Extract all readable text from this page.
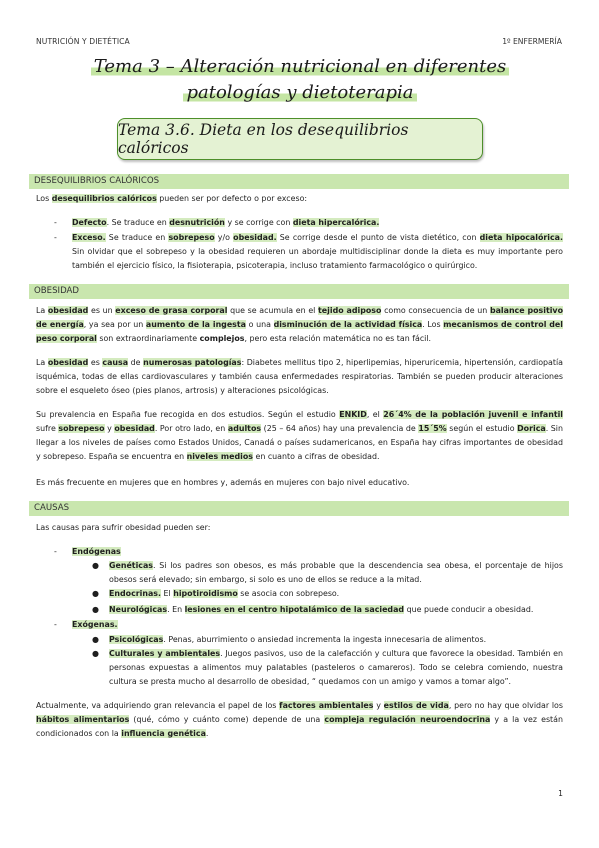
NUTRICIÓN Y DIETÉTICA	1º ENFERMERÍA
Tema 3 – Alteración nutricional en diferentes
patologías y dietoterapia
Tema 3.6. Dieta en los desequilibrios calóricos
DESEQUILIBRIOS CALÓRICOS
Los desequilibrios calóricos pueden ser por defecto o por exceso:
- Defecto. Se traduce en desnutrición y se corrige con dieta hipercalórica.
- Exceso. Se traduce en sobrepeso y/o obesidad. Se corrige desde el punto de vista dietético, con dieta hipocalórica. Sin olvidar que el sobrepeso y la obesidad requieren un abordaje multidisciplinar donde la dieta es muy importante pero también el ejercicio físico, la fisioterapia, psicoterapia, incluso tratamiento farmacológico o quirúrgico.
OBESIDAD
La obesidad es un exceso de grasa corporal que se acumula en el tejido adiposo como consecuencia de un balance positivo de energía, ya sea por un aumento de la ingesta o una disminución de la actividad física. Los mecanismos de control del peso corporal son extraordinariamente complejos, pero esta relación matemática no es tan fácil.
La obesidad es causa de numerosas patologías: Diabetes mellitus tipo 2, hiperlipemias, hiperuricemia, hipertensión, cardiopatía isquémica, todas de ellas cardiovasculares y también causa enfermedades respiratorias. También se pueden producir alteraciones sobre el esqueleto óseo (pies planos, artrosis) y alteraciones psicológicas.
Su prevalencia en España fue recogida en dos estudios. Según el estudio ENKID, el 26´4% de la población juvenil e infantil sufre sobrepeso y obesidad. Por otro lado, en adultos (25 – 64 años) hay una prevalencia de 15´5% según el estudio Dorica. Sin llegar a los niveles de países como Estados Unidos, Canadá o países sudamericanos, en España hay cifras importantes de obesidad y sobrepeso. España se encuentra en niveles medios en cuanto a cifras de obesidad.
Es más frecuente en mujeres que en hombres y, además en mujeres con bajo nivel educativo.
CAUSAS
Las causas para sufrir obesidad pueden ser:
- Endógenas
● Genéticas. Si los padres son obesos, es más probable que la descendencia sea obesa, el porcentaje de hijos obesos será elevado; sin embargo, si solo es uno de ellos se reduce a la mitad.
● Endocrinas. El hipotiroidismo se asocia con sobrepeso.
● Neurológicas. En lesiones en el centro hipotalámico de la saciedad que puede conducir a obesidad.
- Exógenas.
● Psicológicas. Penas, aburrimiento o ansiedad incrementa la ingesta innecesaria de alimentos.
● Culturales y ambientales. Juegos pasivos, uso de la calefacción y cultura que favorece la obesidad. También en personas expuestas a alimentos muy palatables (pasteleros o camareros). Todo se celebra comiendo, nuestra cultura se presta mucho al desarrollo de obesidad, “ quedamos con un amigo y vamos a tomar algo”.
Actualmente, va adquiriendo gran relevancia el papel de los factores ambientales y estilos de vida, pero no hay que olvidar los hábitos alimentarios (qué, cómo y cuánto come) depende de una compleja regulación neuroendocrina y a la vez están condicionados con la influencia genética.
1
